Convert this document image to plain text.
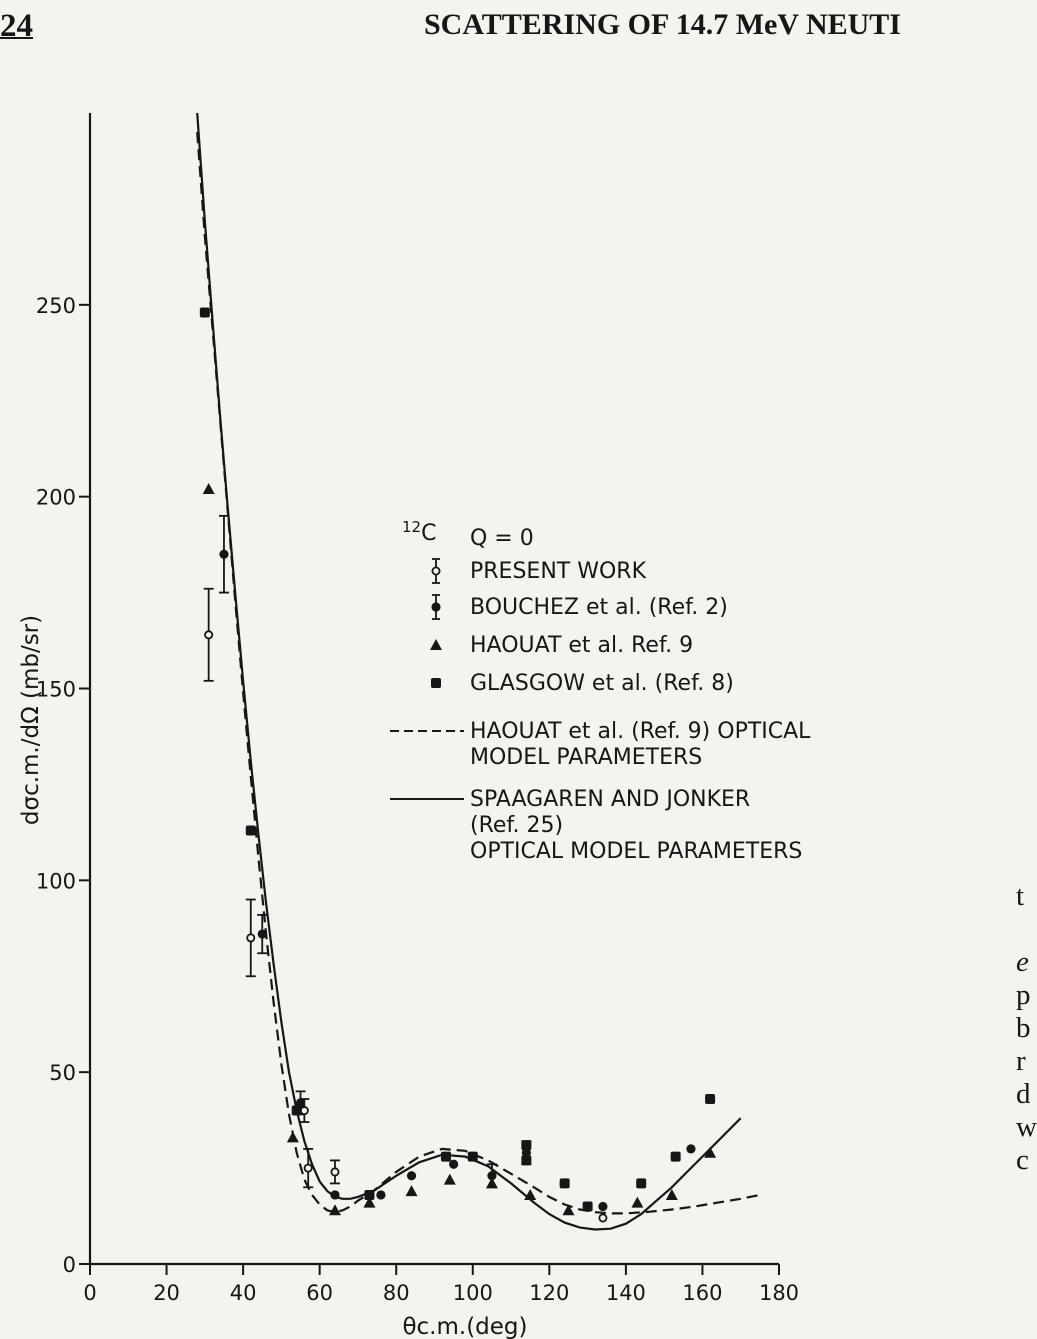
24	SCATTERING OF 14.7 MeV NEUTI
t

e
p
b
r
d
w
c
0	20 40 60 80 100 120 140 160 180
0
50
100
150
200
250
$^{12}$C Q = 0
PRESENT WORK
BOUCHEZ et al. (Ref. 2)
HAOUAT et al. Ref. 9
GLASGOW et al. (Ref. 8)
HAOUAT et al. (Ref. 9) OPTICAL
MODEL PARAMETERS
SPAAGAREN AND JONKER
(Ref. 25)
OPTICAL MODEL PARAMETERS
dσc.m./dΩ (mb/sr)
θc.m.(deg)
